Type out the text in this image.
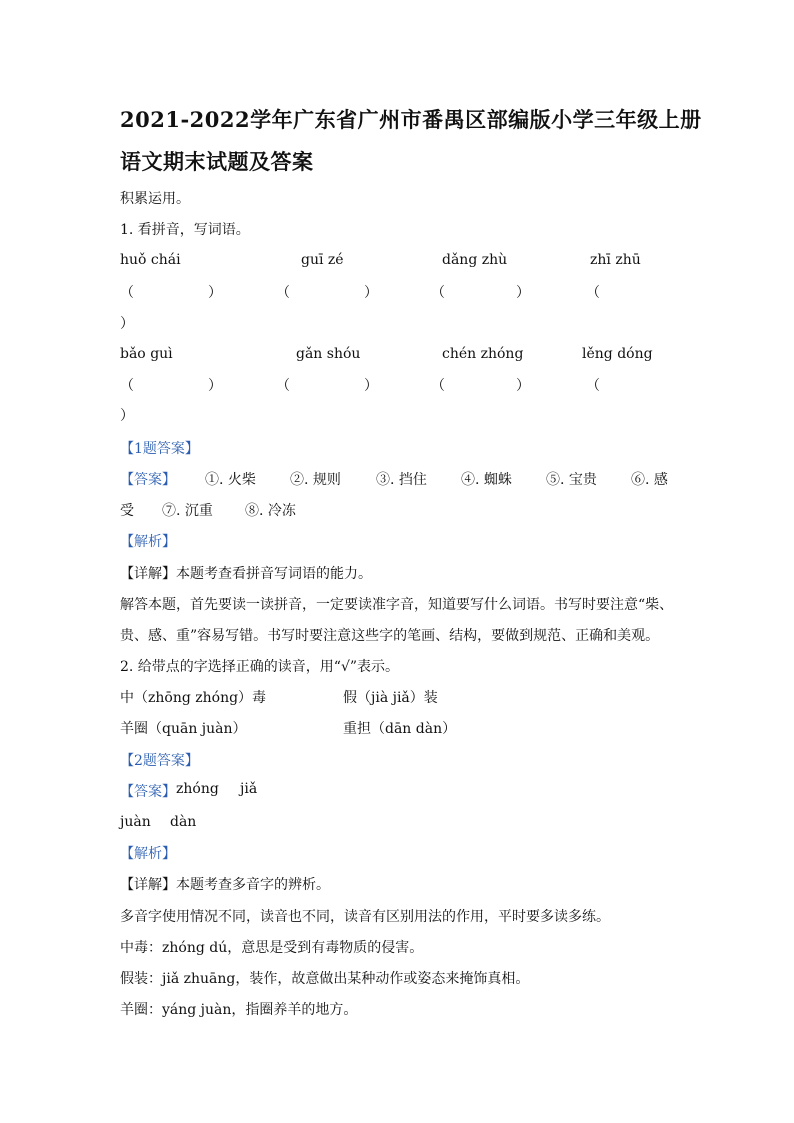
2021-2022学年广东省广州市番禺区部编版小学三年级上册
语文期末试题及答案
积累运用。
1. 看拼音，写词语。
huǒ chái	guī zé	dǎng zhù	zhī zhū
（	）	（	）	（	）	（
）
bǎo guì	gǎn shóu	chén zhóng	lěng dóng
（	）	（	）	（	）	（
）
【1题答案】
【答案】 ①. 火柴 ②. 规则	③. 挡住 ④. 蜘蛛 ⑤. 宝贵 ⑥. 感
受 ⑦. 沉重 ⑧. 冷冻
【解析】
【详解】本题考查看拼音写词语的能力。
解答本题，首先要读一读拼音，一定要读准字音，知道要写什么词语。书写时要注意“柴、
贵、感、重”容易写错。书写时要注意这些字的笔画、结构，要做到规范、正确和美观。
2. 给带点的字选择正确的读音，用“√”表示。
中（zhōng zhóng）毒	假（jià jiǎ）装
羊圈（quān juàn）	重担（dān dàn）
【2题答案】
【答案】 zhóng jiǎ
juàn dàn
【解析】
【详解】本题考查多音字的辨析。
多音字使用情况不同，读音也不同，读音有区别用法的作用，平时要多读多练。
中毒：zhóng dú，意思是受到有毒物质的侵害。
假装：jiǎ zhuāng，装作，故意做出某种动作或姿态来掩饰真相。
羊圈：yáng juàn，指圈养羊的地方。
